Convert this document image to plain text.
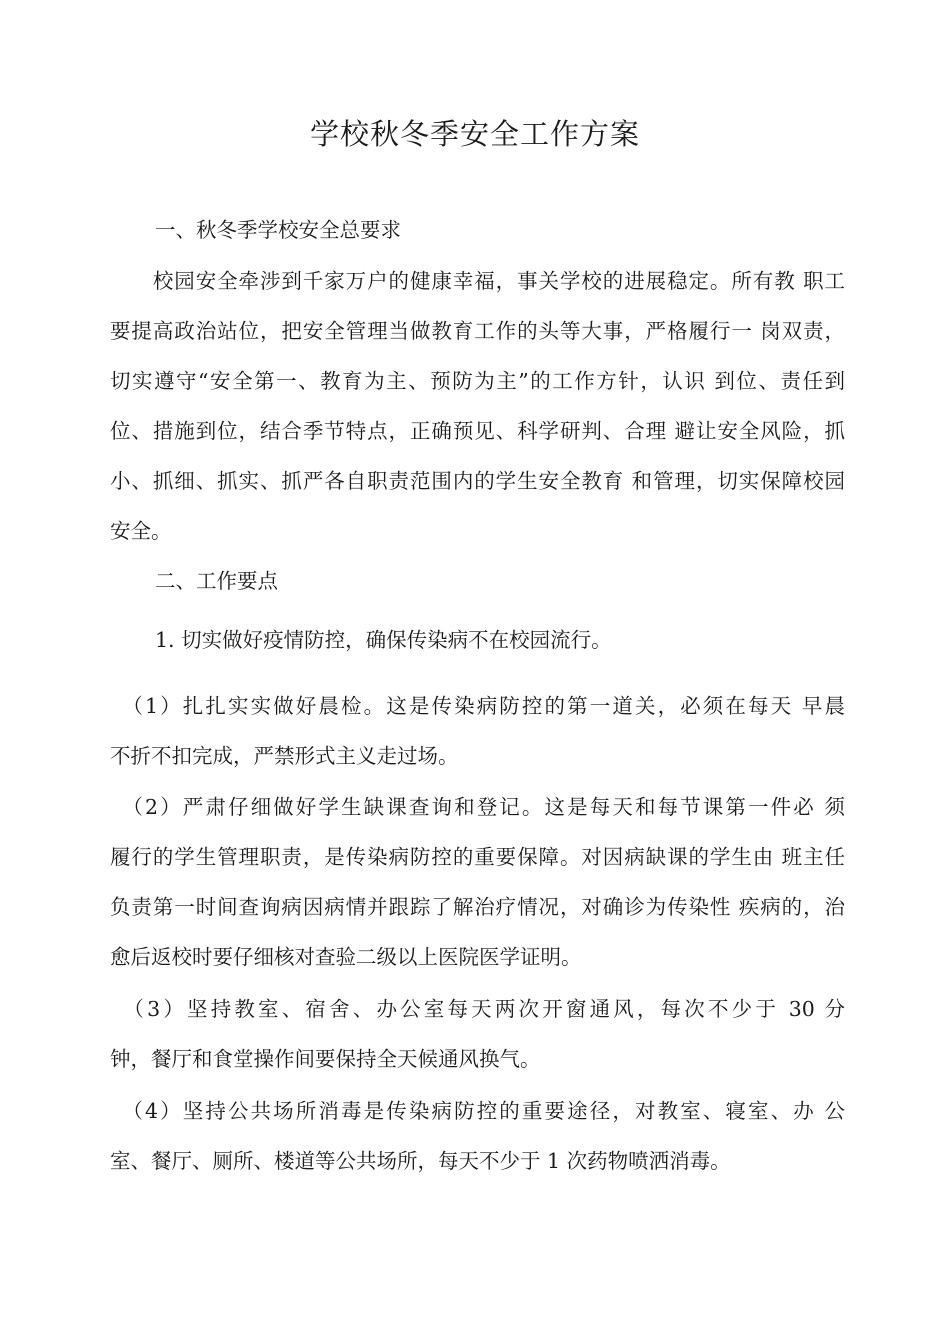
学校秋冬季安全工作方案
一、秋冬季学校安全总要求
　　校园安全牵涉到千家万户的健康幸福，事关学校的进展稳定。所有教 职工
要提高政治站位，把安全管理当做教育工作的头等大事，严格履行一 岗双责，
切实遵守“安全第一、教育为主、预防为主”的工作方针，认识 到位、责任到
位、措施到位，结合季节特点，正确预见、科学研判、合理 避让安全风险，抓
小、抓细、抓实、抓严各自职责范围内的学生安全教育 和管理，切实保障校园
安全。
二、工作要点
1. 切实做好疫情防控，确保传染病不在校园流行。
　（1）扎扎实实做好晨检。这是传染病防控的第一道关，必须在每天 早晨
不折不扣完成，严禁形式主义走过场。
　（2）严肃仔细做好学生缺课查询和登记。这是每天和每节课第一件必 须
履行的学生管理职责，是传染病防控的重要保障。对因病缺课的学生由 班主任
负责第一时间查询病因病情并跟踪了解治疗情况，对确诊为传染性 疾病的，治
愈后返校时要仔细核对查验二级以上医院医学证明。
　（3）坚持教室、宿舍、办公室每天两次开窗通风，每次不少于 30 分
钟，餐厅和食堂操作间要保持全天候通风换气。
　（4）坚持公共场所消毒是传染病防控的重要途径，对教室、寝室、办 公
室、餐厅、厕所、楼道等公共场所，每天不少于 1 次药物喷洒消毒。
